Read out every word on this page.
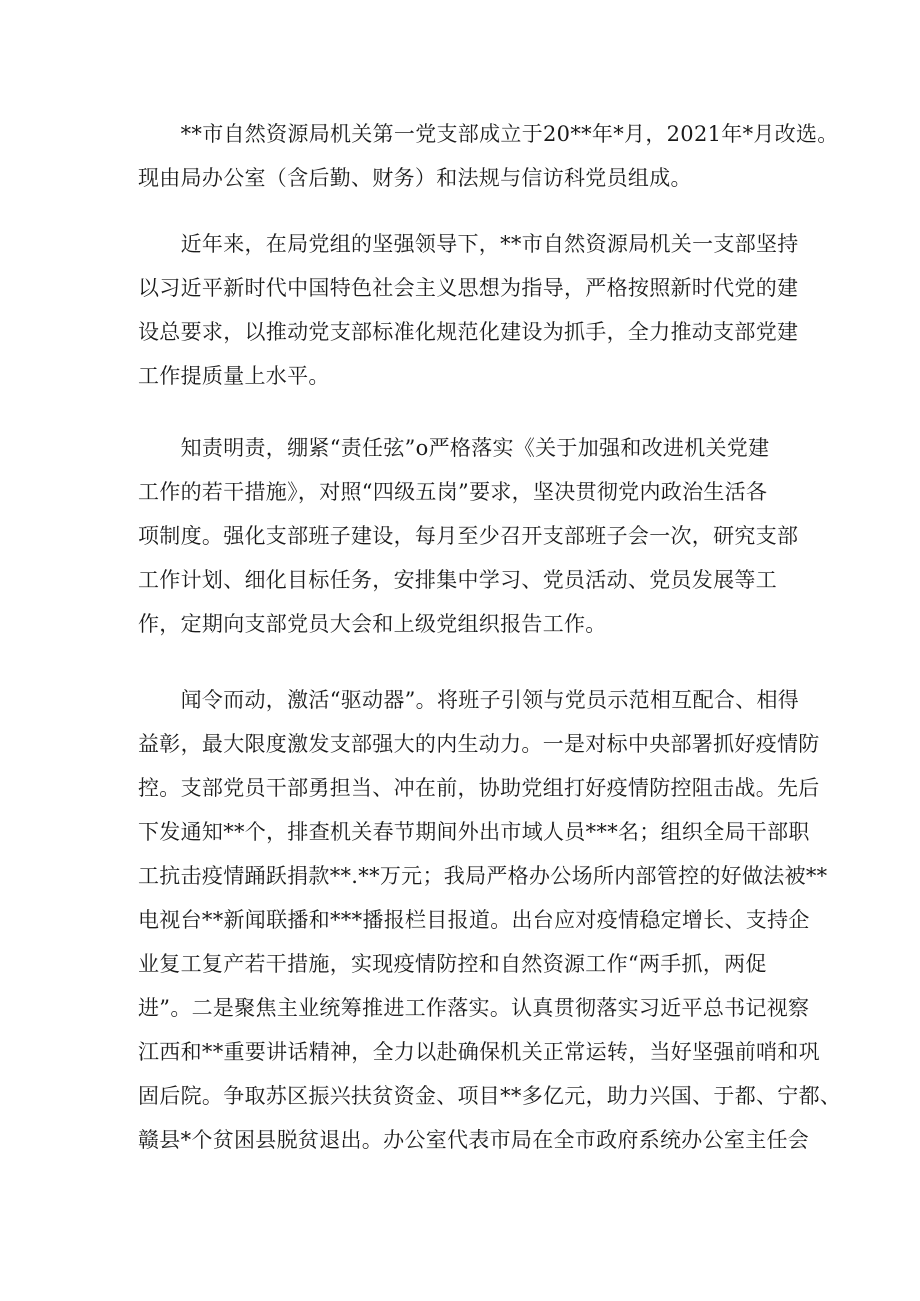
　　**市自然资源局机关第一党支部成立于20**年*月，2021年*月改选。
现由局办公室（含后勤、财务）和法规与信访科党员组成。
　　近年来，在局党组的坚强领导下，**市自然资源局机关一支部坚持
以习近平新时代中国特色社会主义思想为指导，严格按照新时代党的建
设总要求，以推动党支部标准化规范化建设为抓手，全力推动支部党建
工作提质量上水平。
　　知责明责，绷紧“责任弦”o严格落实《关于加强和改进机关党建
工作的若干措施》，对照“四级五岗”要求，坚决贯彻党内政治生活各
项制度。强化支部班子建设，每月至少召开支部班子会一次，研究支部
工作计划、细化目标任务，安排集中学习、党员活动、党员发展等工
作，定期向支部党员大会和上级党组织报告工作。
　　闻令而动，激活“驱动器”。将班子引领与党员示范相互配合、相得
益彰，最大限度激发支部强大的内生动力。一是对标中央部署抓好疫情防
控。支部党员干部勇担当、冲在前，协助党组打好疫情防控阻击战。先后
下发通知**个，排查机关春节期间外出市域人员***名；组织全局干部职
工抗击疫情踊跃捐款**.**万元；我局严格办公场所内部管控的好做法被**
电视台**新闻联播和***播报栏目报道。出台应对疫情稳定增长、支持企
业复工复产若干措施，实现疫情防控和自然资源工作“两手抓，两促
进”。二是聚焦主业统筹推进工作落实。认真贯彻落实习近平总书记视察
江西和**重要讲话精神，全力以赴确保机关正常运转，当好坚强前哨和巩
固后院。争取苏区振兴扶贫资金、项目**多亿元，助力兴国、于都、宁都、
赣县*个贫困县脱贫退出。办公室代表市局在全市政府系统办公室主任会
